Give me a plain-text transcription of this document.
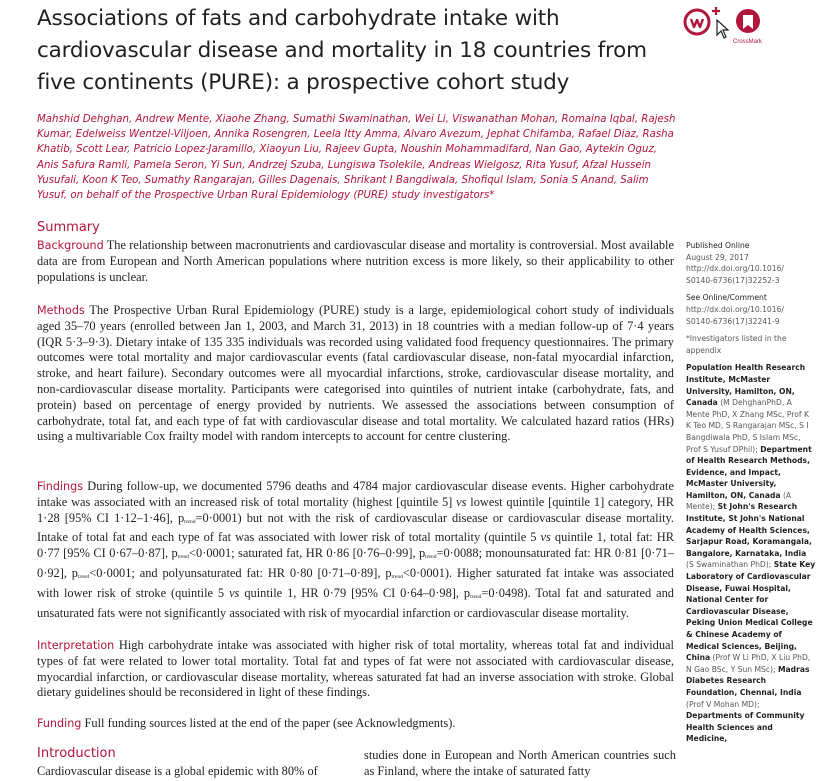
Associations of fats and carbohydrate intake with cardiovascular disease and mortality in 18 countries from five continents (PURE): a prospective cohort study
CrossMark

Mahshid Dehghan, Andrew Mente, Xiaohe Zhang, Sumathi Swaminathan, Wei Li, Viswanathan Mohan, Romaina Iqbal, Rajesh Kumar, Edelweiss Wentzel-Viljoen, Annika Rosengren, Leela Itty Amma, Alvaro Avezum, Jephat Chifamba, Rafael Diaz, Rasha Khatib, Scott Lear, Patricio Lopez-Jaramillo, Xiaoyun Liu, Rajeev Gupta, Noushin Mohammadifard, Nan Gao, Aytekin Oguz, Anis Safura Ramli, Pamela Seron, Yi Sun, Andrzej Szuba, Lungiswa Tsolekile, Andreas Wielgosz, Rita Yusuf, Afzal Hussein Yusufali, Koon K Teo, Sumathy Rangarajan, Gilles Dagenais, Shrikant I Bangdiwala, Shofiqul Islam, Sonia S Anand, Salim Yusuf, on behalf of the Prospective Urban Rural Epidemiology (PURE) study investigators*

Summary

Background The relationship between macronutrients and cardiovascular disease and mortality is controversial. Most available data are from European and North American populations where nutrition excess is more likely, so their applicability to other populations is unclear.

Methods The Prospective Urban Rural Epidemiology (PURE) study is a large, epidemiological cohort study of individuals aged 35–70 years (enrolled between Jan 1, 2003, and March 31, 2013) in 18 countries with a median follow-up of 7·4 years (IQR 5·3–9·3). Dietary intake of 135 335 individuals was recorded using validated food frequency questionnaires. The primary outcomes were total mortality and major cardiovascular events (fatal cardiovascular disease, non-fatal myocardial infarction, stroke, and heart failure). Secondary outcomes were all myocardial infarctions, stroke, cardiovascular disease mortality, and non-cardiovascular disease mortality. Participants were categorised into quintiles of nutrient intake (carbohydrate, fats, and protein) based on percentage of energy provided by nutrients. We assessed the associations between consumption of carbohydrate, total fat, and each type of fat with cardiovascular disease and total mortality. We calculated hazard ratios (HRs) using a multivariable Cox frailty model with random intercepts to account for centre clustering.

Findings During follow-up, we documented 5796 deaths and 4784 major cardiovascular disease events. Higher carbohydrate intake was associated with an increased risk of total mortality (highest [quintile 5] vs lowest quintile [quintile 1] category, HR 1·28 [95% CI 1·12–1·46], ptrend=0·0001) but not with the risk of cardiovascular disease or cardiovascular disease mortality. Intake of total fat and each type of fat was associated with lower risk of total mortality (quintile 5 vs quintile 1, total fat: HR 0·77 [95% CI 0·67–0·87], ptrend<0·0001; saturated fat, HR 0·86 [0·76–0·99], ptrend=0·0088; monounsaturated fat: HR 0·81 [0·71–0·92], ptrend<0·0001; and polyunsaturated fat: HR 0·80 [0·71–0·89], ptrend<0·0001). Higher saturated fat intake was associated with lower risk of stroke (quintile 5 vs quintile 1, HR 0·79 [95% CI 0·64–0·98], ptrend=0·0498). Total fat and saturated and unsaturated fats were not significantly associated with risk of myocardial infarction or cardiovascular disease mortality.

Interpretation High carbohydrate intake was associated with higher risk of total mortality, whereas total fat and individual types of fat were related to lower total mortality. Total fat and types of fat were not associated with cardiovascular disease, myocardial infarction, or cardiovascular disease mortality, whereas saturated fat had an inverse association with stroke. Global dietary guidelines should be reconsidered in light of these findings.

Funding Full funding sources listed at the end of the paper (see Acknowledgments).

Introduction

Cardiovascular disease is a global epidemic with 80% of

studies done in European and North American countries such as Finland, where the intake of saturated fatty

Published Online
August 29, 2017
http://dx.doi.org/10.1016/
S0140-6736(17)32252-3
See Online/Comment
http://dx.doi.org/10.1016/
S0140-6736(17)32241-9
*Investigators listed in the appendix
Population Health Research Institute, McMaster University, Hamilton, ON, Canada (M DehghanPhD, A Mente PhD, X Zhang MSc, Prof K K Teo MD, S Rangarajan MSc, S I Bangdiwala PhD, S Islam MSc, Prof S Yusuf DPhil); Department of Health Research Methods, Evidence, and Impact, McMaster University, Hamilton, ON, Canada (A Mente); St John's Research Institute, St John's National Academy of Health Sciences, Sarjapur Road, Koramangala, Bangalore, Karnataka, India (S Swaminathan PhD); State Key Laboratory of Cardiovascular Disease, Fuwai Hospital, National Center for Cardiovascular Disease, Peking Union Medical College & Chinese Academy of Medical Sciences, Beijing, China (Prof W Li PhD, X Liu PhD, N Gao BSc, Y Sun MSc); Madras Diabetes Research Foundation, Chennai, India (Prof V Mohan MD); Departments of Community Health Sciences and Medicine,
